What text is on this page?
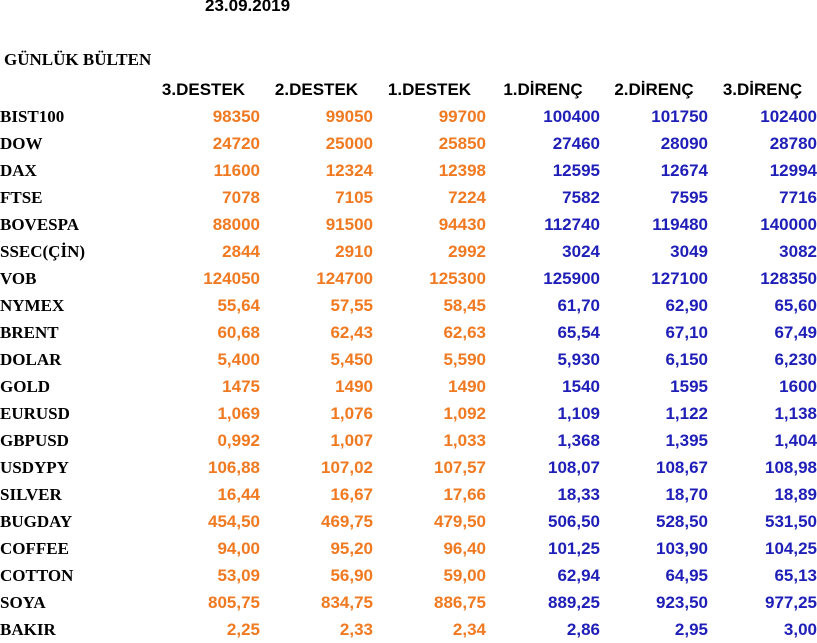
23.09.2019
GÜNLÜK BÜLTEN
	3.DESTEK	2.DESTEK	1.DESTEK	1.DİRENÇ	2.DİRENÇ	3.DİRENÇ
BIST100	98350	99050	99700	100400	101750	102400
DOW	24720	25000	25850	27460	28090	28780
DAX	11600	12324	12398	12595	12674	12994
FTSE	7078	7105	7224	7582	7595	7716
BOVESPA	88000	91500	94430	112740	119480	140000
SSEC(ÇİN)	2844	2910	2992	3024	3049	3082
VOB	124050	124700	125300	125900	127100	128350
NYMEX	55,64	57,55	58,45	61,70	62,90	65,60
BRENT	60,68	62,43	62,63	65,54	67,10	67,49
DOLAR	5,400	5,450	5,590	5,930	6,150	6,230
GOLD	1475	1490	1490	1540	1595	1600
EURUSD	1,069	1,076	1,092	1,109	1,122	1,138
GBPUSD	0,992	1,007	1,033	1,368	1,395	1,404
USDYPY	106,88	107,02	107,57	108,07	108,67	108,98
SILVER	16,44	16,67	17,66	18,33	18,70	18,89
BUGDAY	454,50	469,75	479,50	506,50	528,50	531,50
COFFEE	94,00	95,20	96,40	101,25	103,90	104,25
COTTON	53,09	56,90	59,00	62,94	64,95	65,13
SOYA	805,75	834,75	886,75	889,25	923,50	977,25
BAKIR	2,25	2,33	2,34	2,86	2,95	3,00
